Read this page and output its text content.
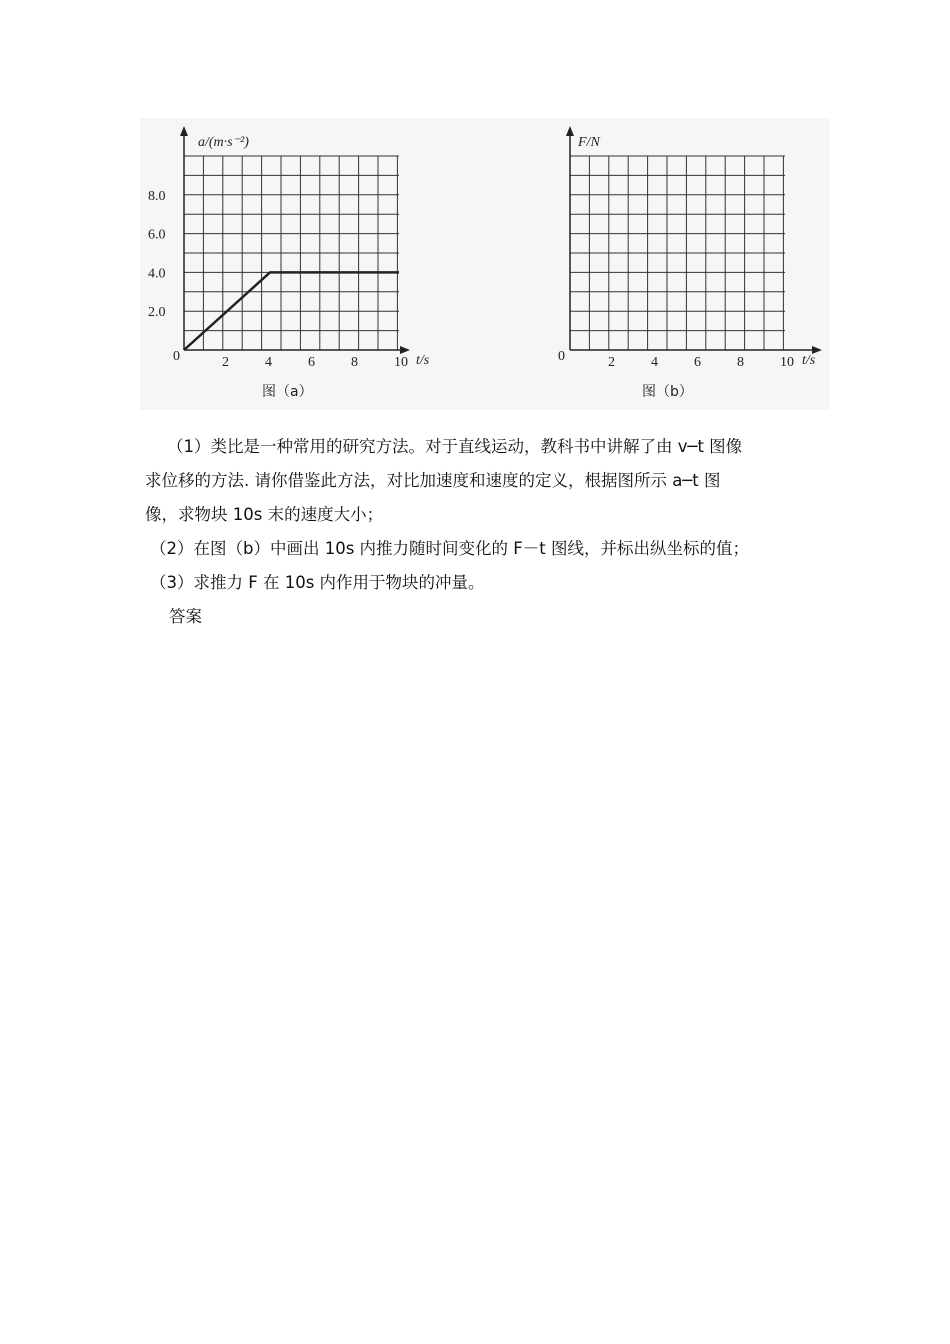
a/(m·s⁻²)
t/s
0
2.0
4.0
6.0
8.0
2	4	6	8	10
图（a）
F/N
t/s
0	2	4	6	8	10
图（b）
（1）类比是一种常用的研究方法。对于直线运动，教科书中讲解了由 v─t 图像
求位移的方法. 请你借鉴此方法，对比加速度和速度的定义，根据图所示 a─t 图
像，求物块 10s 末的速度大小；
（2）在图（b）中画出 10s 内推力随时间变化的 F－t 图线，并标出纵坐标的值；
（3）求推力 F 在 10s 内作用于物块的冲量。
答案
